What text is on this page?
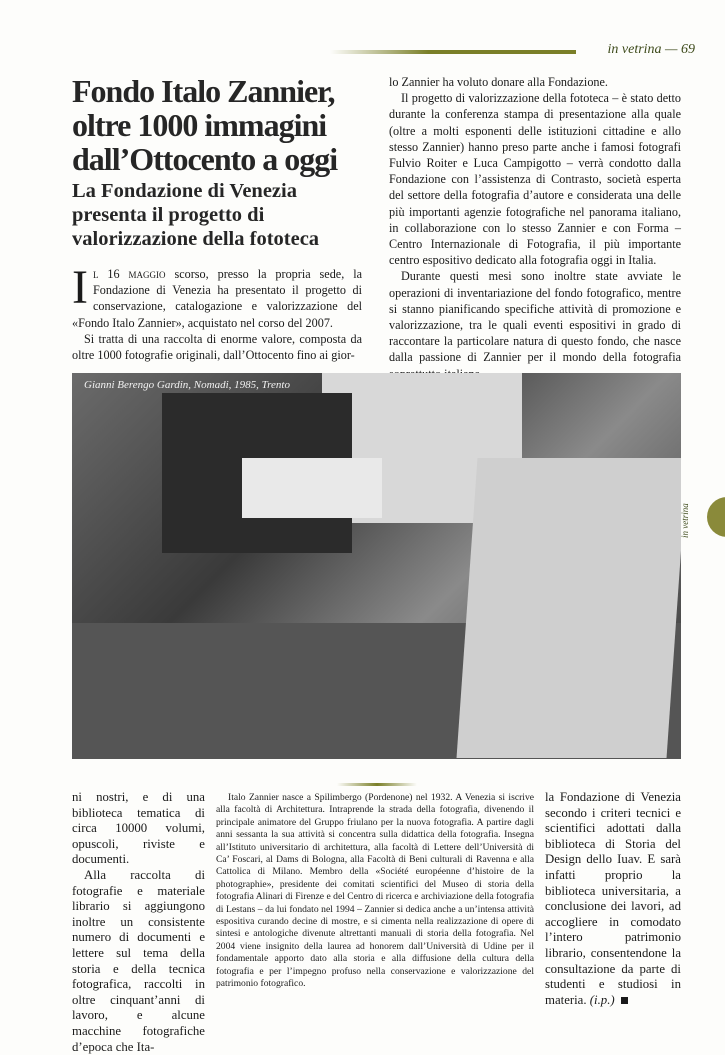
in vetrina — 69
Fondo Italo Zannier, oltre 1000 immagini dall’Ottocento a oggi
La Fondazione di Venezia presenta il progetto di valorizzazione della fototeca

Il 16 maggio scorso, presso la propria sede, la Fondazione di Venezia ha presentato il progetto di conservazione, catalogazione e valorizzazione del «Fondo Italo Zannier», acquistato nel corso del 2007.

Si tratta di una raccolta di enorme valore, composta da oltre 1000 fotografie originali, dall’Ottocento fino ai gior-

lo Zannier ha voluto donare alla Fondazione.

Il progetto di valorizzazione della fototeca – è stato detto durante la conferenza stampa di presentazione alla quale (oltre a molti esponenti delle istituzioni cittadine e allo stesso Zannier) hanno preso parte anche i famosi fotografi Fulvio Roiter e Luca Campigotto – verrà condotto dalla Fondazione con l’assistenza di Contrasto, società esperta del settore della fotografia d’autore e considerata una delle più importanti agenzie fotografiche nel panorama italiano, in collaborazione con lo stesso Zannier e con Forma – Centro Internazionale di Fotografia, il più importante centro espositivo dedicato alla fotografia oggi in Italia.

Durante questi mesi sono inoltre state avviate le operazioni di inventariazione del fondo fotografico, mentre si stanno pianificando specifiche attività di promozione e valorizzazione, tra le quali eventi espositivi in grado di raccontare la particolare natura di questo fondo, che nasce dalla passione di Zannier per il mondo della fotografia

Gianni Berengo Gardin, Nomadi, 1985, Trento
in vetrina

ni nostri, e di una biblioteca tematica di circa 10000 volumi, opuscoli, riviste e documenti.

Alla raccolta di fotografie e materiale librario si aggiungono inoltre un consistente numero di documenti e lettere sul tema della storia e della tecnica fotografica, raccolti in oltre cinquant’anni di lavoro, e alcune macchine fotografiche d’epoca che Ita-

Italo Zannier nasce a Spilimbergo (Pordenone) nel 1932. A Venezia si iscrive alla facoltà di Architettura. Intraprende la strada della fotografia, divenendo il principale animatore del Gruppo friulano per la nuova fotografia. A partire dagli anni sessanta la sua attività si concentra sulla didattica della fotografia. Insegna all’Istituto universitario di architettura, alla facoltà di Lettere dell’Università di Ca’ Foscari, al Dams di Bologna, alla Facoltà di Beni culturali di Ravenna e alla Cattolica di Milano. Membro della «Société européenne d’histoire de la photographie», presidente dei comitati scientifici del Museo di storia della fotografia Alinari di Firenze e del Centro di ricerca e archiviazione della fotografia di Lestans – da lui fondato nel 1994 – Zannier si dedica anche a un’intensa attività espositiva curando decine di mostre, e si cimenta nella realizzazione di opere di sintesi e antologiche divenute altrettanti manuali di storia della fotografia. Nel 2004 viene insignito della laurea ad honorem dall’Università di Udine per il fondamentale apporto dato alla storia e alla diffusione della cultura della fotografia e per l’impegno profuso nella conservazione e valorizzazione del patrimonio fotografico.

la Fondazione di Venezia secondo i criteri tecnici e scientifici adottati dalla biblioteca di Storia del Design dello Iuav. E sarà infatti proprio la biblioteca universitaria, a conclusione dei lavori, ad accogliere in comodato l’intero patrimonio librario, consentendone la consultazione da parte di studenti e studiosi in materia. (i.p.)
